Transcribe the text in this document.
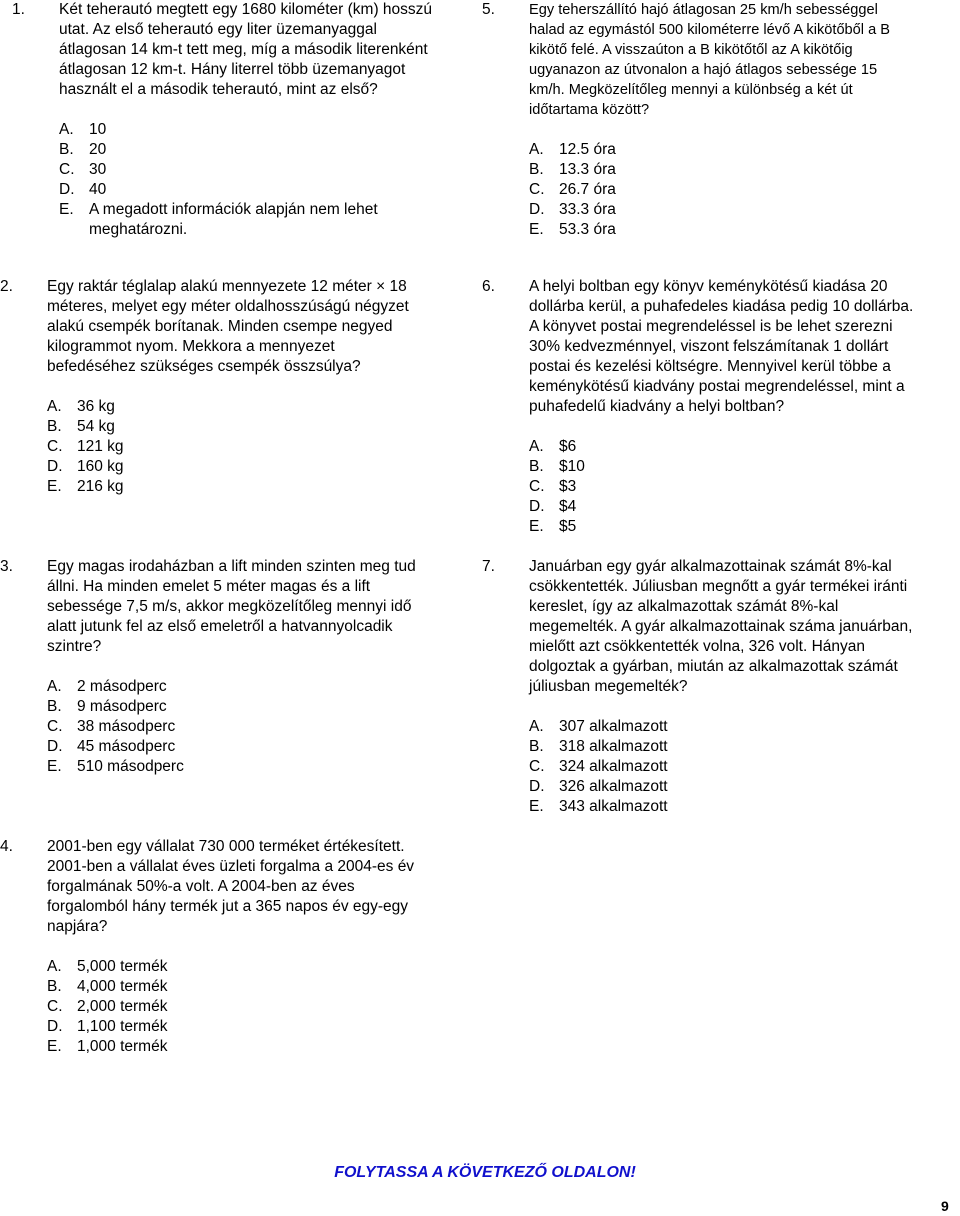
1. Két teherautó megtett egy 1680 kilométer (km) hosszú
utat. Az első teherautó egy liter üzemanyaggal
átlagosan 14 km-t tett meg, míg a második literenként
átlagosan 12 km-t. Hány literrel több üzemanyagot
használt el a második teherautó, mint az első?
A. 10
B. 20
C. 30
D. 40
E. A megadott információk alapján nem lehet meghatározni.
2. Egy raktár téglalap alakú mennyezete 12 méter × 18
méteres, melyet egy méter oldalhosszúságú négyzet
alakú csempék borítanak. Minden csempe negyed
kilogrammot nyom. Mekkora a mennyezet
befedéséhez szükséges csempék összsúlya?
A. 36 kg
B. 54 kg
C. 121 kg
D. 160 kg
E. 216 kg
3. Egy magas irodaházban a lift minden szinten meg tud
állni. Ha minden emelet 5 méter magas és a lift
sebessége 7,5 m/s, akkor megközelítőleg mennyi idő
alatt jutunk fel az első emeletről a hatvannyolcadik
szintre?
A. 2 másodperc
B. 9 másodperc
C. 38 másodperc
D. 45 másodperc
E. 510 másodperc
4. 2001-ben egy vállalat 730 000 terméket értékesített.
2001-ben a vállalat éves üzleti forgalma a 2004-es év
forgalmának 50%-a volt. A 2004-ben az éves
forgalomból hány termék jut a 365 napos év egy-egy
napjára?
A. 5,000 termék
B. 4,000 termék
C. 2,000 termék
D. 1,100 termék
E. 1,000 termék
5. Egy teherszállító hajó átlagosan 25 km/h sebességgel
halad az egymástól 500 kilométerre lévő A kikötőből a B
kikötő felé. A visszaúton a B kikötőtől az A kikötőig
ugyanazon az útvonalon a hajó átlagos sebessége 15
km/h. Megközelítőleg mennyi a különbség a két út
időtartama között?
A. 12.5 óra
B. 13.3 óra
C. 26.7 óra
D. 33.3 óra
E. 53.3 óra
6. A helyi boltban egy könyv keménykötésű kiadása 20
dollárba kerül, a puhafedeles kiadása pedig 10 dollárba.
A könyvet postai megrendeléssel is be lehet szerezni
30% kedvezménnyel, viszont felszámítanak 1 dollárt
postai és kezelési költségre. Mennyivel kerül többe a
keménykötésű kiadvány postai megrendeléssel, mint a
puhafedelű kiadvány a helyi boltban?
A. $6
B. $10
C. $3
D. $4
E. $5
7. Januárban egy gyár alkalmazottainak számát 8%-kal
csökkentették. Júliusban megnőtt a gyár termékei iránti
kereslet, így az alkalmazottak számát 8%-kal
megemelték. A gyár alkalmazottainak száma januárban,
mielőtt azt csökkentették volna, 326 volt. Hányan
dolgoztak a gyárban, miután az alkalmazottak számát
júliusban megemelték?
A. 307 alkalmazott
B. 318 alkalmazott
C. 324 alkalmazott
D. 326 alkalmazott
E. 343 alkalmazott
FOLYTASSA A KÖVETKEZŐ OLDALON!
9
